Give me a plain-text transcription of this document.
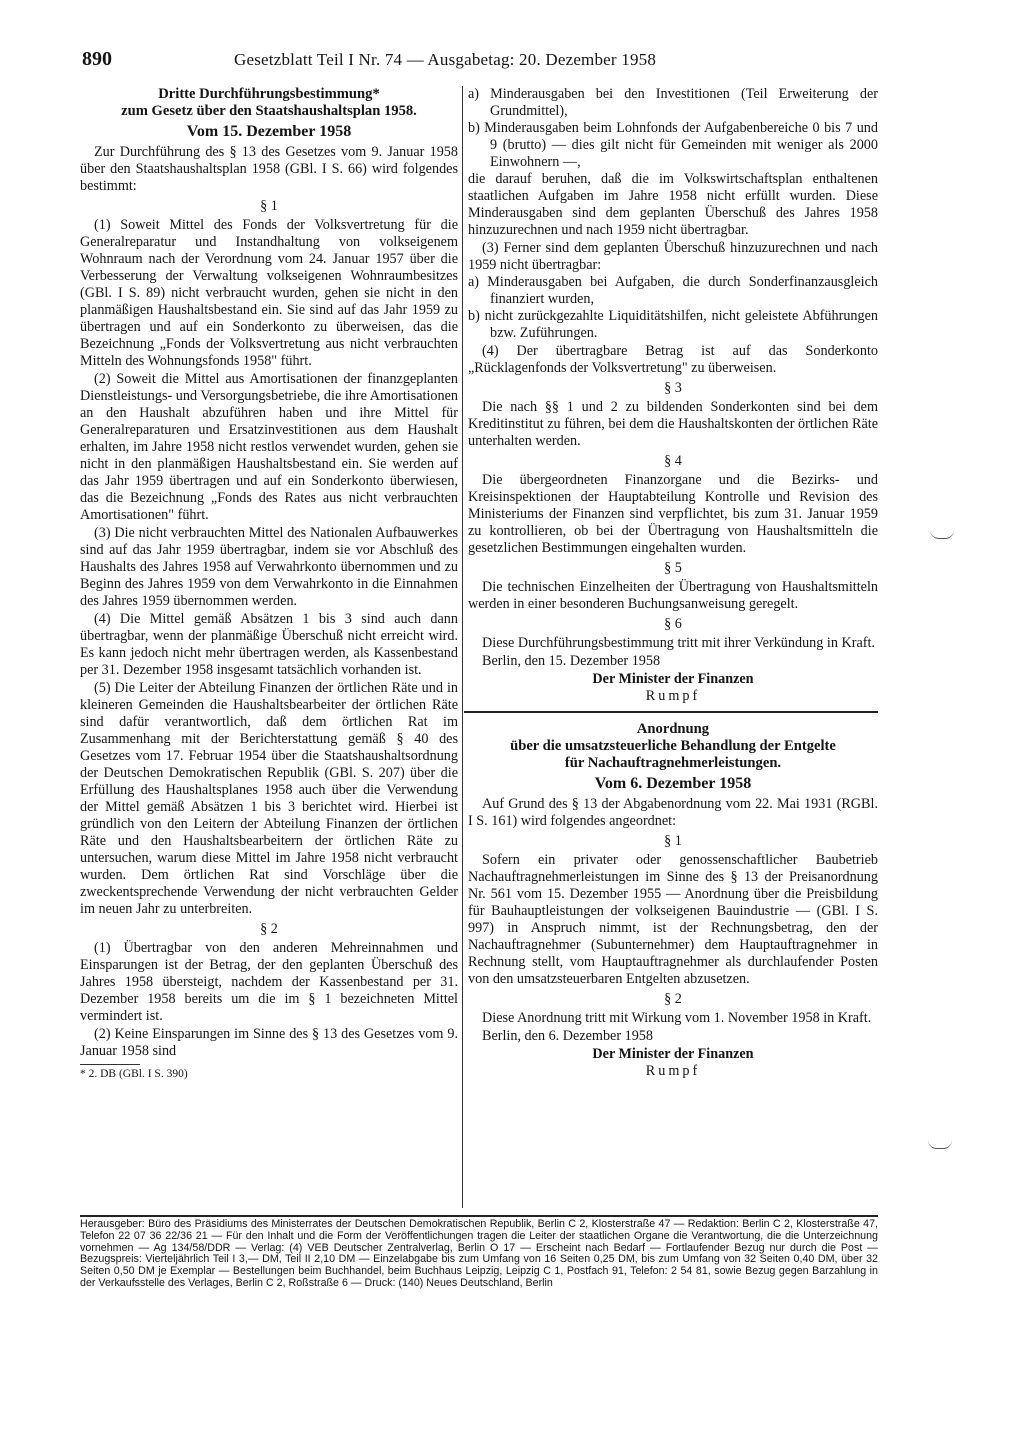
890	Gesetzblatt Teil I Nr. 74 — Ausgabetag: 20. Dezember 1958

Dritte Durchführungsbestimmung*

zum Gesetz über den Staatshaushaltsplan 1958.

Vom 15. Dezember 1958

Zur Durchführung des § 13 des Gesetzes vom 9. Januar 1958 über den Staatshaushaltsplan 1958 (GBl. I S. 66) wird folgendes bestimmt:

§ 1

(1) Soweit Mittel des Fonds der Volksvertretung für die Generalreparatur und Instandhaltung von volkseigenem Wohnraum nach der Verordnung vom 24. Januar 1957 über die Verbesserung der Verwaltung volkseigenen Wohnraumbesitzes (GBl. I S. 89) nicht verbraucht wurden, gehen sie nicht in den planmäßigen Haushaltsbestand ein. Sie sind auf das Jahr 1959 zu übertragen und auf ein Sonderkonto zu überweisen, das die Bezeichnung „Fonds der Volksvertretung aus nicht verbrauchten Mitteln des Wohnungsfonds 1958" führt.

(2) Soweit die Mittel aus Amortisationen der finanzgeplanten Dienstleistungs- und Versorgungsbetriebe, die ihre Amortisationen an den Haushalt abzuführen haben und ihre Mittel für Generalreparaturen und Ersatzinvestitionen aus dem Haushalt erhalten, im Jahre 1958 nicht restlos verwendet wurden, gehen sie nicht in den planmäßigen Haushaltsbestand ein. Sie werden auf das Jahr 1959 übertragen und auf ein Sonderkonto überwiesen, das die Bezeichnung „Fonds des Rates aus nicht verbrauchten Amortisationen" führt.

(3) Die nicht verbrauchten Mittel des Nationalen Aufbauwerkes sind auf das Jahr 1959 übertragbar, indem sie vor Abschluß des Haushalts des Jahres 1958 auf Verwahrkonto übernommen und zu Beginn des Jahres 1959 von dem Verwahrkonto in die Einnahmen des Jahres 1959 übernommen werden.

(4) Die Mittel gemäß Absätzen 1 bis 3 sind auch dann übertragbar, wenn der planmäßige Überschuß nicht erreicht wird. Es kann jedoch nicht mehr übertragen werden, als Kassenbestand per 31. Dezember 1958 insgesamt tatsächlich vorhanden ist.

(5) Die Leiter der Abteilung Finanzen der örtlichen Räte und in kleineren Gemeinden die Haushaltsbearbeiter der örtlichen Räte sind dafür verantwortlich, daß dem örtlichen Rat im Zusammenhang mit der Berichterstattung gemäß § 40 des Gesetzes vom 17. Februar 1954 über die Staatshaushaltsordnung der Deutschen Demokratischen Republik (GBl. S. 207) über die Erfüllung des Haushaltsplanes 1958 auch über die Verwendung der Mittel gemäß Absätzen 1 bis 3 berichtet wird. Hierbei ist gründlich von den Leitern der Abteilung Finanzen der örtlichen Räte und den Haushaltsbearbeitern der örtlichen Räte zu untersuchen, warum diese Mittel im Jahre 1958 nicht verbraucht wurden. Dem örtlichen Rat sind Vorschläge über die zweckentsprechende Verwendung der nicht verbrauchten Gelder im neuen Jahr zu unterbreiten.

§ 2

(1) Übertragbar von den anderen Mehreinnahmen und Einsparungen ist der Betrag, der den geplanten Überschuß des Jahres 1958 übersteigt, nachdem der Kassenbestand per 31. Dezember 1958 bereits um die im § 1 bezeichneten Mittel vermindert ist.

(2) Keine Einsparungen im Sinne des § 13 des Gesetzes vom 9. Januar 1958 sind

* 2. DB (GBl. I S. 390)

a) Minderausgaben bei den Investitionen (Teil Erweiterung der Grundmittel),

b) Minderausgaben beim Lohnfonds der Aufgabenbereiche 0 bis 7 und 9 (brutto) — dies gilt nicht für Gemeinden mit weniger als 2000 Einwohnern —,

die darauf beruhen, daß die im Volkswirtschaftsplan enthaltenen staatlichen Aufgaben im Jahre 1958 nicht erfüllt wurden. Diese Minderausgaben sind dem geplanten Überschuß des Jahres 1958 hinzuzurechnen und nach 1959 nicht übertragbar.

(3) Ferner sind dem geplanten Überschuß hinzuzurechnen und nach 1959 nicht übertragbar:

a) Minderausgaben bei Aufgaben, die durch Sonderfinanzausgleich finanziert wurden,

b) nicht zurückgezahlte Liquiditätshilfen, nicht geleistete Abführungen bzw. Zuführungen.

(4) Der übertragbare Betrag ist auf das Sonderkonto „Rücklagenfonds der Volksvertretung" zu überweisen.

§ 3

Die nach §§ 1 und 2 zu bildenden Sonderkonten sind bei dem Kreditinstitut zu führen, bei dem die Haushaltskonten der örtlichen Räte unterhalten werden.

§ 4

Die übergeordneten Finanzorgane und die Bezirks- und Kreisinspektionen der Hauptabteilung Kontrolle und Revision des Ministeriums der Finanzen sind verpflichtet, bis zum 31. Januar 1959 zu kontrollieren, ob bei der Übertragung von Haushaltsmitteln die gesetzlichen Bestimmungen eingehalten wurden.

§ 5

Die technischen Einzelheiten der Übertragung von Haushaltsmitteln werden in einer besonderen Buchungsanweisung geregelt.

§ 6

Diese Durchführungsbestimmung tritt mit ihrer Verkündung in Kraft.

Berlin, den 15. Dezember 1958

Der Minister der Finanzen

Rumpf

Anordnung

über die umsatzsteuerliche Behandlung der Entgelte

für Nachauftragnehmerleistungen.

Vom 6. Dezember 1958

Auf Grund des § 13 der Abgabenordnung vom 22. Mai 1931 (RGBl. I S. 161) wird folgendes angeordnet:

§ 1

Sofern ein privater oder genossenschaftlicher Baubetrieb Nachauftragnehmerleistungen im Sinne des § 13 der Preisanordnung Nr. 561 vom 15. Dezember 1955 — Anordnung über die Preisbildung für Bauhauptleistungen der volkseigenen Bauindustrie — (GBl. I S. 997) in Anspruch nimmt, ist der Rechnungsbetrag, den der Nachauftragnehmer (Subunternehmer) dem Hauptauftragnehmer in Rechnung stellt, vom Hauptauftragnehmer als durchlaufender Posten von den umsatzsteuerbaren Entgelten abzusetzen.

§ 2

Diese Anordnung tritt mit Wirkung vom 1. November 1958 in Kraft.

Berlin, den 6. Dezember 1958

Der Minister der Finanzen

Rumpf

Herausgeber: Büro des Präsidiums des Ministerrates der Deutschen Demokratischen Republik, Berlin C 2, Klosterstraße 47 — Redaktion: Berlin C 2, Klosterstraße 47, Telefon 22 07 36 22/36 21 — Für den Inhalt und die Form der Veröffentlichungen tragen die Leiter der staatlichen Organe die Verantwortung, die die Unterzeichnung vornehmen — Ag 134/58/DDR — Verlag: (4) VEB Deutscher Zentralverlag, Berlin O 17 — Erscheint nach Bedarf — Fortlaufender Bezug nur durch die Post — Bezugspreis: Vierteljährlich Teil I 3,— DM, Teil II 2,10 DM — Einzelabgabe bis zum Umfang von 16 Seiten 0,25 DM, bis zum Umfang von 32 Seiten 0,40 DM, über 32 Seiten 0,50 DM je Exemplar — Bestellungen beim Buchhandel, beim Buchhaus Leipzig, Leipzig C 1, Postfach 91, Telefon: 2 54 81, sowie Bezug gegen Barzahlung in der Verkaufsstelle des Verlages, Berlin C 2, Roßstraße 6 — Druck: (140) Neues Deutschland, Berlin
